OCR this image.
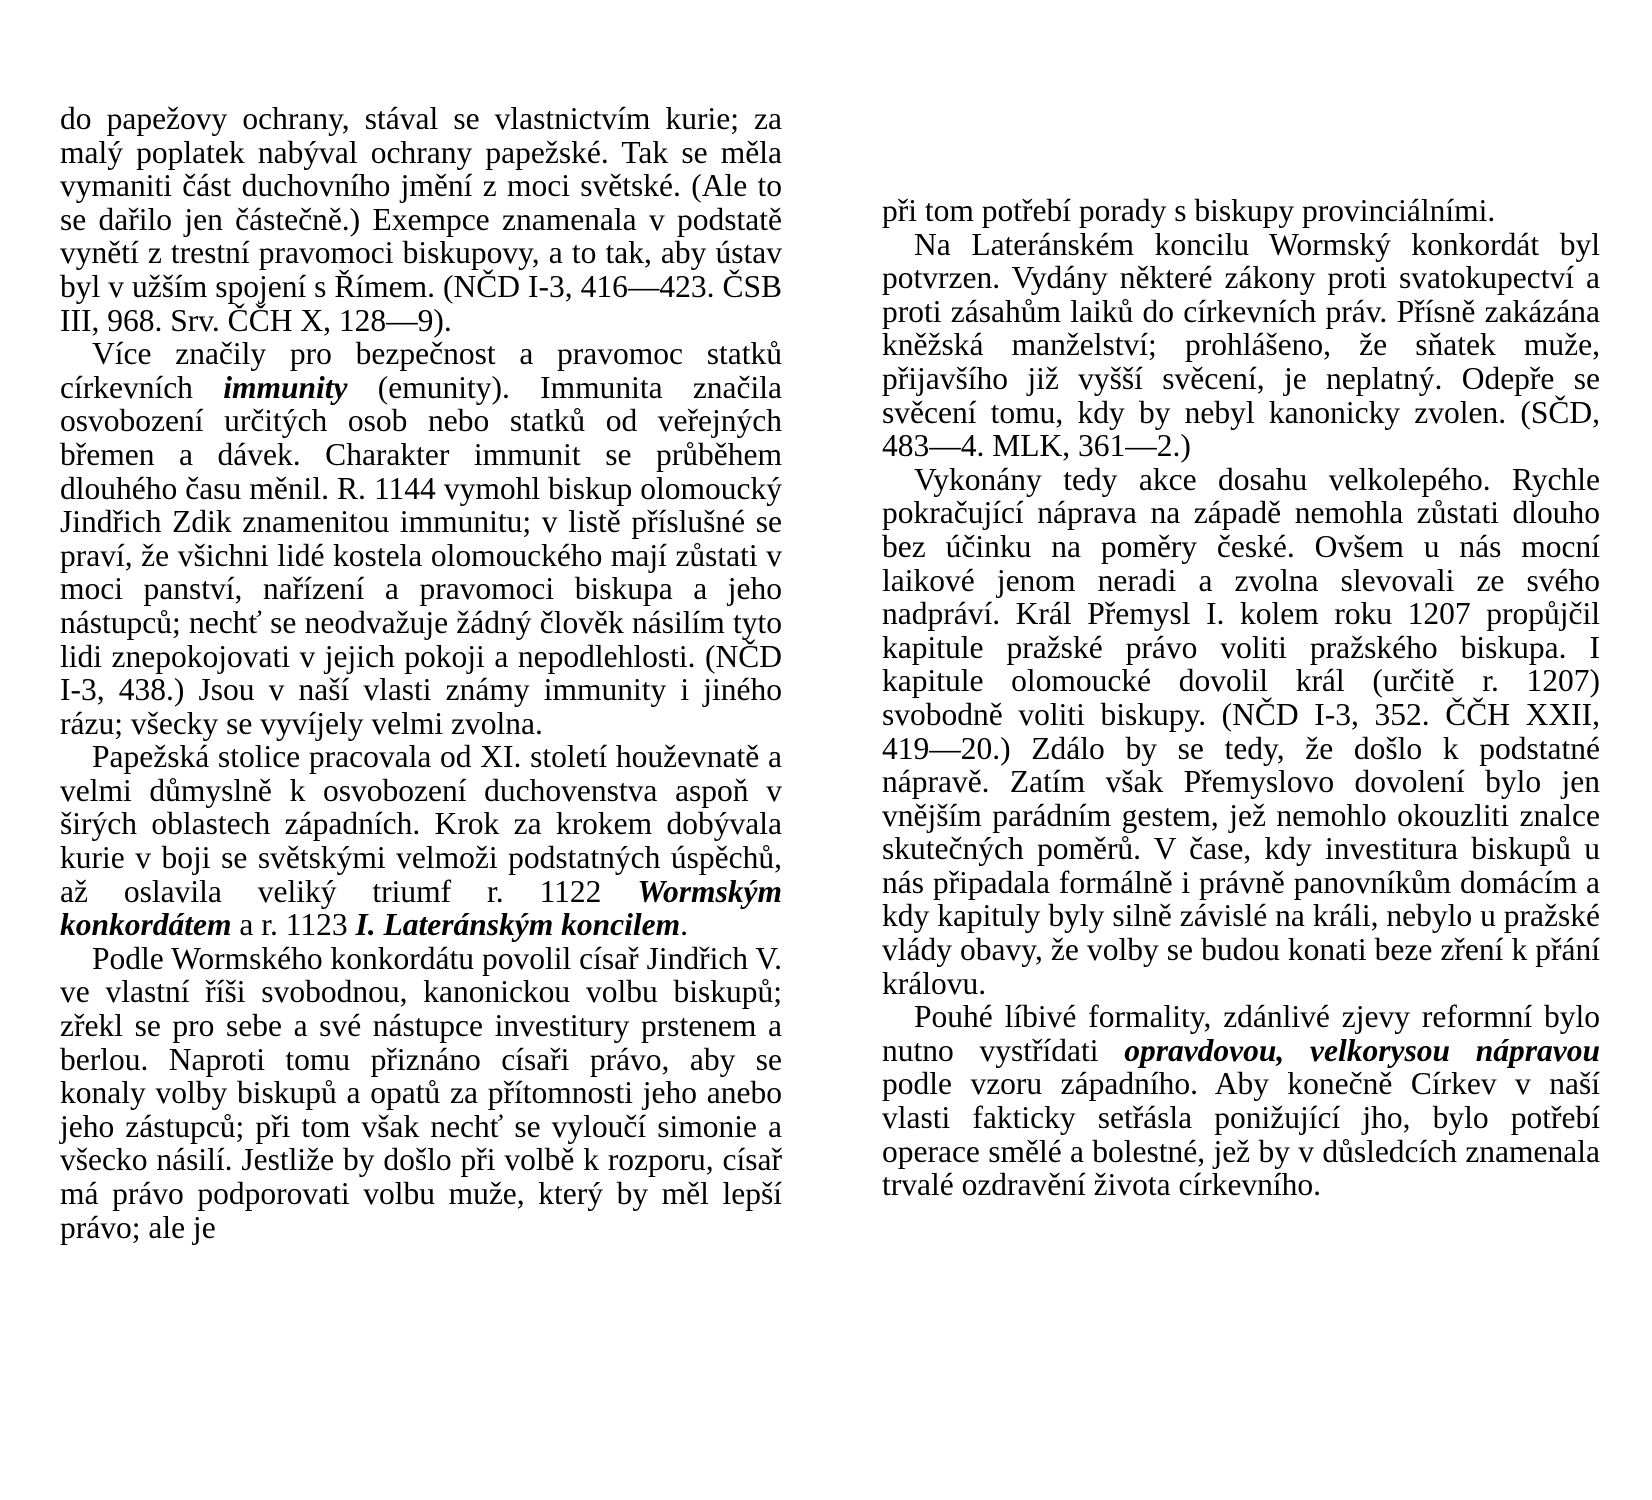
do papežovy ochrany, stával se vlastnictvím kurie; za malý poplatek nabýval ochrany papežské. Tak se měla vymaniti část duchovního jmění z moci světské. (Ale to se dařilo jen částečně.) Exempce znamenala v podstatě vynětí z trestní pravomoci biskupovy, a to tak, aby ústav byl v užším spojení s Římem. (NČD I-3, 416—423. ČSB III, 968. Srv. ČČH X, 128—9).

Více značily pro bezpečnost a pravomoc statků církevních immunity (emunity). Immunita značila osvobození určitých osob nebo statků od veřejných břemen a dávek. Charakter immunit se průběhem dlouhého času měnil. R. 1144 vymohl biskup olomoucký Jindřich Zdik znamenitou immunitu; v listě příslušné se praví, že všichni lidé kostela olomouckého mají zůstati v moci panství, nařízení a pravomoci biskupa a jeho nástupců; nechť se neodvažuje žádný člověk násilím tyto lidi znepokojovati v jejich pokoji a nepodlehlosti. (NČD I-3, 438.) Jsou v naší vlasti známy immunity i jiného rázu; všecky se vyvíjely velmi zvolna.

Papežská stolice pracovala od XI. století houževnatě a velmi důmyslně k osvobození duchovenstva aspoň v širých oblastech západních. Krok za krokem dobývala kurie v boji se světskými velmoži podstatných úspěchů, až oslavila veliký triumf r. 1122 Wormským konkordátem a r. 1123 I. Lateránským koncilem.

Podle Wormského konkordátu povolil císař Jindřich V. ve vlastní říši svobodnou, kanonickou volbu biskupů; zřekl se pro sebe a své nástupce investitury prstenem a berlou. Naproti tomu přiznáno císaři právo, aby se konaly volby biskupů a opatů za přítomnosti jeho anebo jeho zástupců; při tom však nechť se vyloučí simonie a všecko násilí. Jestliže by došlo při volbě k rozporu, císař má právo podporovati volbu muže, který by měl lepší právo; ale je

při tom potřebí porady s biskupy provinciálními.

Na Lateránském koncilu Wormský konkordát byl potvrzen. Vydány některé zákony proti svatokupectví a proti zásahům laiků do církevních práv. Přísně zakázána kněžská manželství; prohlášeno, že sňatek muže, přijavšího již vyšší svěcení, je neplatný. Odepře se svěcení tomu, kdy by nebyl kanonicky zvolen. (SČD, 483—4. MLK, 361—2.)

Vykonány tedy akce dosahu velkolepého. Rychle pokračující náprava na západě nemohla zůstati dlouho bez účinku na poměry české. Ovšem u nás mocní laikové jenom neradi a zvolna slevovali ze svého nadpráví. Král Přemysl I. kolem roku 1207 propůjčil kapitule pražské právo voliti pražského biskupa. I kapitule olomoucké dovolil král (určitě r. 1207) svobodně voliti biskupy. (NČD I-3, 352. ČČH XXII, 419—20.) Zdálo by se tedy, že došlo k podstatné nápravě. Zatím však Přemyslovo dovolení bylo jen vnějším parádním gestem, jež nemohlo okouzliti znalce skutečných poměrů. V čase, kdy investitura biskupů u nás připadala formálně i právně panovníkům domácím a kdy kapituly byly silně závislé na králi, nebylo u pražské vlády obavy, že volby se budou konati beze zření k přání královu.

Pouhé líbivé formality, zdánlivé zjevy reformní bylo nutno vystřídati opravdovou, velkorysou nápravou podle vzoru západního. Aby konečně Církev v naší vlasti fakticky setřásla ponižující jho, bylo potřebí operace smělé a bolestné, jež by v důsledcích znamenala trvalé ozdravění života církevního.
